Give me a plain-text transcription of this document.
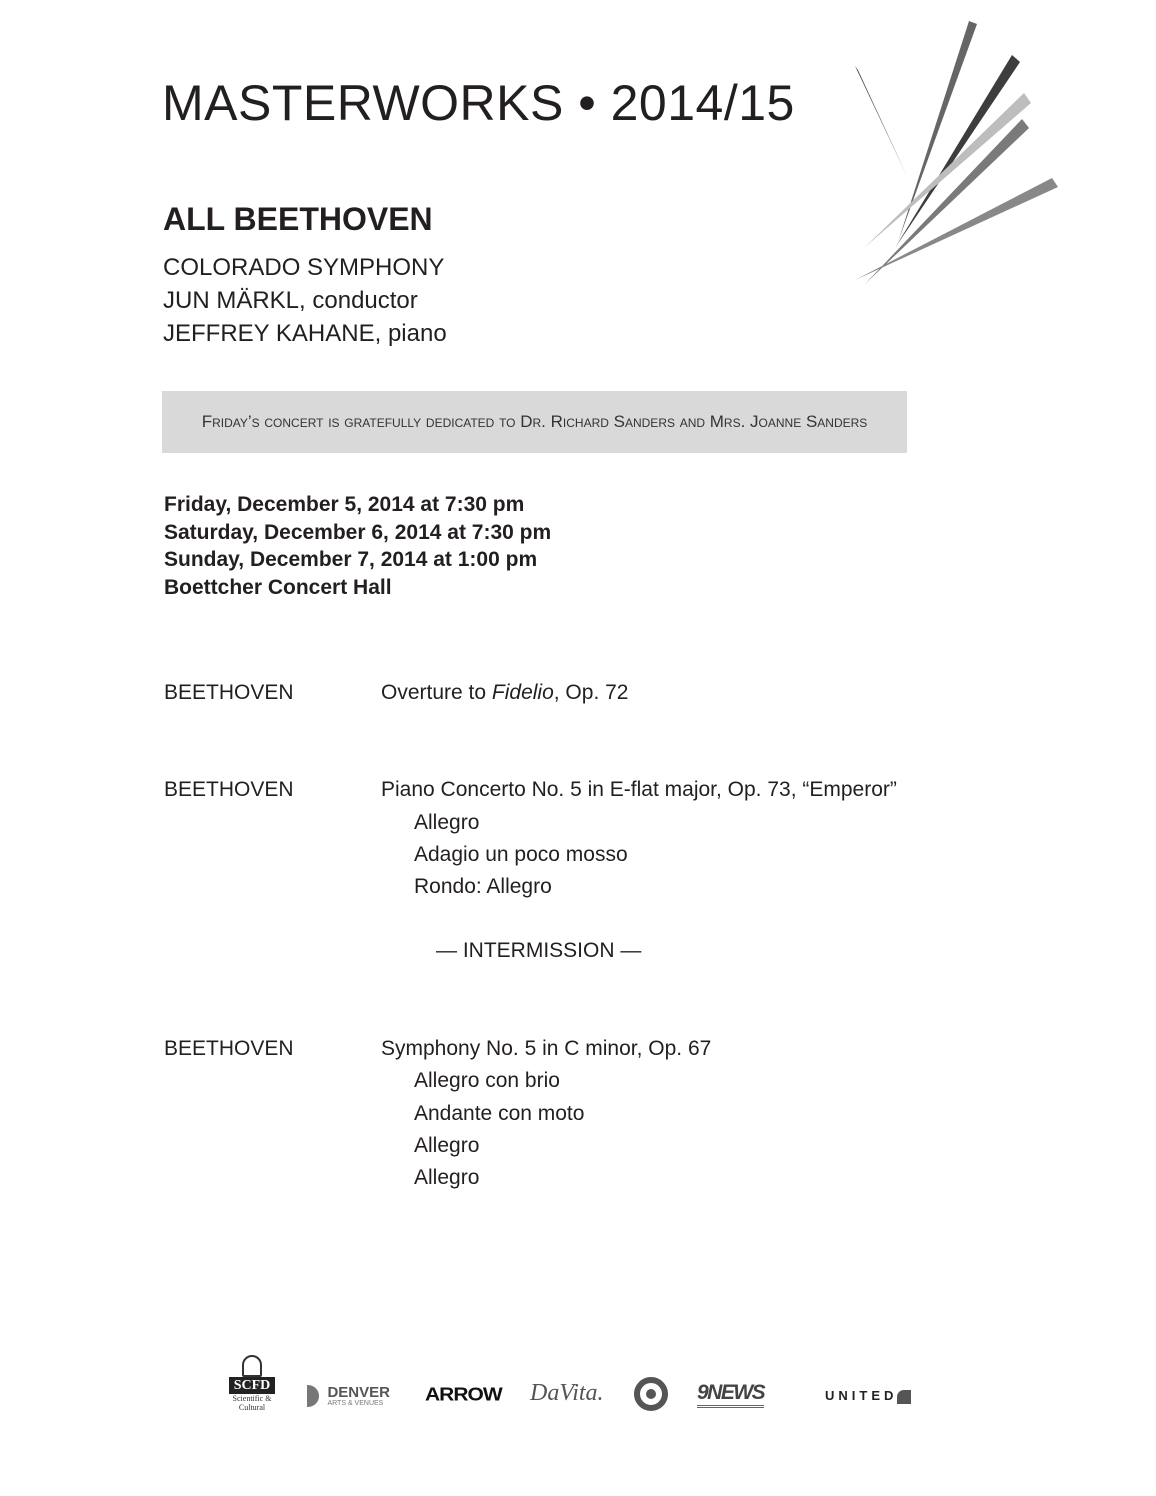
MASTERWORKS • 2014/15
ALL BEETHOVEN
COLORADO SYMPHONY
JUN MÄRKL, conductor
JEFFREY KAHANE, piano
Friday’s concert is gratefully dedicated to Dr. Richard Sanders and Mrs. Joanne Sanders
Friday, December 5, 2014 at 7:30 pm
Saturday, December 6, 2014 at 7:30 pm
Sunday, December 7, 2014 at 1:00 pm
Boettcher Concert Hall
BEETHOVEN	Overture to Fidelio, Op. 72
BEETHOVEN	Piano Concerto No. 5 in E-flat major, Op. 73, “Emperor”
Allegro
Adagio un poco mosso
Rondo: Allegro
— INTERMISSION —
BEETHOVEN	Symphony No. 5 in C minor, Op. 67
Allegro con brio
Andante con moto
Allegro
Allegro
SCFD
Scientific & Cultural

DENVER
ARTS & VENUES	ARROW DaVita.	9NEWS	UNITED
